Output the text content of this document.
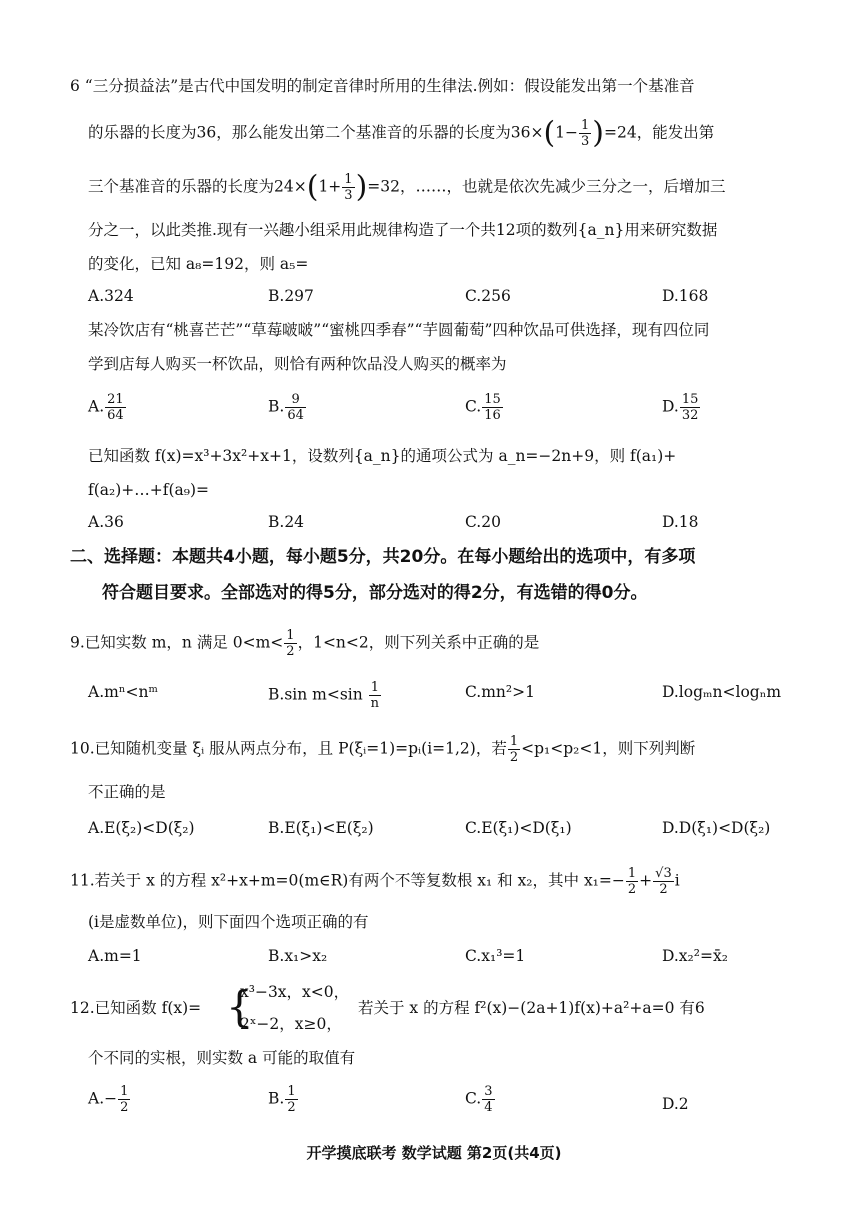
6 “三分损益法”是古代中国发明的制定音律时所用的生律法.例如：假设能发出第一个基准音
的乐器的长度为36，那么能发出第二个基准音的乐器的长度为$36\times(1- \frac{1}{3} )=24$，能发出第
三个基准音的乐器的长度为$24\times(1+ \frac{1}{3} )=32$，……，也就是依次先减少三分之一，后增加三
分之一，以此类推.现有一兴趣小组采用此规律构造了一个共12项的数列{a_n}用来研究数据
的变化，已知 a₈=192，则 a₅=
A.324	B.297	C.256	D.168
某冷饮店有“桃喜芒芒”“草莓啵啵”“蜜桃四季春”“芋圆葡萄”四种饮品可供选择，现有四位同
学到店每人购买一杯饮品，则恰有两种饮品没人购买的概率为
A. $\frac{21}{64}$	B. $\frac{9}{64}$	C. $\frac{15}{16}$	D. $\frac{15}{32}$
已知函数 f(x)=x³+3x²+x+1，设数列{a_n}的通项公式为 a_n=−2n+9，则 f(a₁)+
f(a₂)+…+f(a₉)=
A.36	B.24	C.20	D.18
二、选择题：本题共4小题，每小题5分，共20分。在每小题给出的选项中，有多项
符合题目要求。全部选对的得5分，部分选对的得2分，有选错的得0分。
9.已知实数 m，n 满足 $0<m< \frac{1}{2}$ ，1<n<2，则下列关系中正确的是
A.mⁿ<nᵐ	B.sin $m<\sin \frac{1}{n}$	C.mn²>1	D.logₘn<logₙm
10.已知随机变量 ξᵢ 服从两点分布，且 P(ξᵢ=1)=pᵢ(i=1,2)，若 $\frac{1}{2} <p_1<p_2<1$，则下列判断
不正确的是
A.E(ξ₂)<D(ξ₂)	B.E(ξ₁)<E(ξ₂)	C.E(ξ₁)<D(ξ₁)	D.D(ξ₁)<D(ξ₂)
11.若关于 x 的方程 x²+x+m=0(m∈R)有两个不等复数根 x₁ 和 x₂，其中 $x_1=- \frac{1}{2} + \frac{√3}{2}$ i
(i是虚数单位)，则下面四个选项正确的有
A.m=1	B.x₁>x₂	C.x₁³=1	D.x₂²=x̄₂
12.已知函数 f(x)= {
x³−3x，x<0，
2ˣ−2，x≥0，
若关于 x 的方程 f²(x)−(2a+1)f(x)+a²+a=0 有6
个不同的实根，则实数 a 可能的取值有
$A.- \frac{1}{2}$	B. $\frac{1}{2}$	C. $\frac{3}{4}$	D.2
开学摸底联考 数学试题 第2页(共4页)
